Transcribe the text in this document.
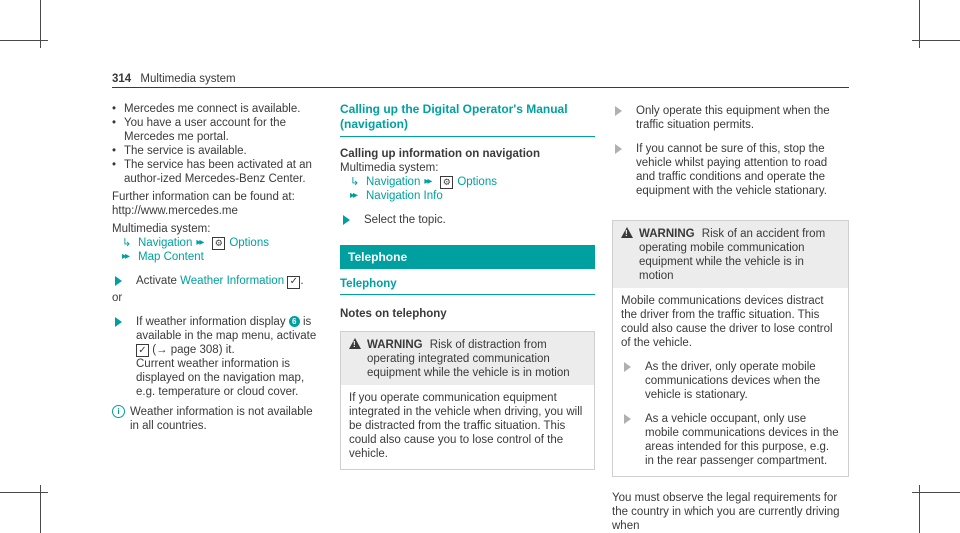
314 Multimedia system
• Mercedes me connect is available.
• You have a user account for the Mercedes me portal.
• The service is available.
• The service has been activated at an author-ized Mercedes-Benz Center.

Further information can be found at: http://www.mercedes.me

Multimedia system:

↳ Navigation ▸▸	⚙ Options
▸▸ Map Content
Activate Weather Information ✓ .

or

If weather information display 6 is available in the map menu, activate ✓ (→ page 308) it.

Current weather information is displayed on the navigation map, e.g. temperature or cloud cover.

i Weather information is not available in all countries.
Calling up the Digital Operator's Manual (navigation)

Calling up information on navigation

Multimedia system:

↳ Navigation ▸▸	⚙ Options
▸▸ Navigation Info
Select the topic.
Telephone
Telephony

Notes on telephony

!
WARNING Risk of distraction from operating integrated communication equipment while the vehicle is in motion
If you operate communication equipment integrated in the vehicle when driving, you will be distracted from the traffic situation. This could also cause you to lose control of the vehicle.
Only operate this equipment when the traffic situation permits.
If you cannot be sure of this, stop the vehicle whilst paying attention to road and traffic conditions and operate the equipment with the vehicle stationary.
!
WARNING Risk of an accident from operating mobile communication equipment while the vehicle is in motion

Mobile communications devices distract the driver from the traffic situation. This could also cause the driver to lose control of the vehicle.

As the driver, only operate mobile communications devices when the vehicle is stationary.
As a vehicle occupant, only use mobile communications devices in the areas intended for this purpose, e.g. in the rear passenger compartment.

You must observe the legal requirements for the country in which you are currently driving when
